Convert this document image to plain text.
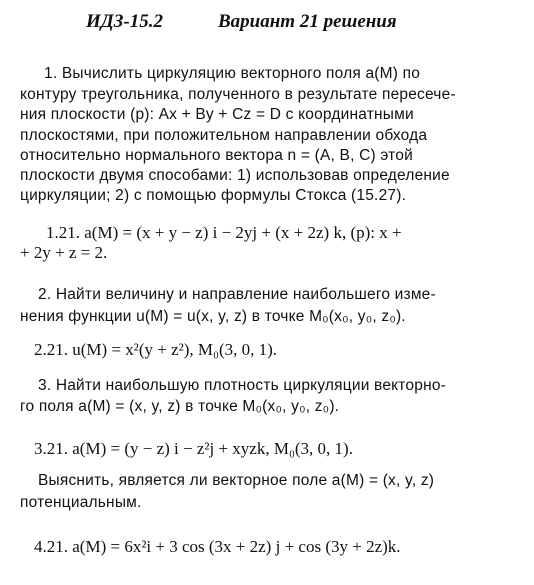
ИДЗ-15.2	Вариант 21 решения
1. Вычислить циркуляцию векторного поля a(M) по
контуру треугольника, полученного в результате пересече-
ния плоскости (p): Ax + By + Cz = D с координатными
плоскостями, при положительном направлении обхода
относительно нормального вектора n = (A, B, C) этой
плоскости двумя способами: 1) использовав определение
циркуляции; 2) с помощью формулы Стокса (15.27).
1.21. a(M) = (x + y − z) i − 2yj + (x + 2z) k, (p): x +
+ 2y + z = 2.
2. Найти величину и направление наибольшего изме-
нения функции u(M) = u(x, y, z) в точке M₀(x₀, y₀, z₀).
2.21. u(M) = x²(y + z²), M₀(3, 0, 1).
3. Найти наибольшую плотность циркуляции векторно-
го поля a(M) = (x, y, z) в точке M₀(x₀, y₀, z₀).
3.21. a(M) = (y − z) i − z²j + xyzk, M₀(3, 0, 1).
Выяснить, является ли векторное поле a(M) = (x, y, z)
потенциальным.
4.21. a(M) = 6x²i + 3 cos (3x + 2z) j + cos (3y + 2z)k.
